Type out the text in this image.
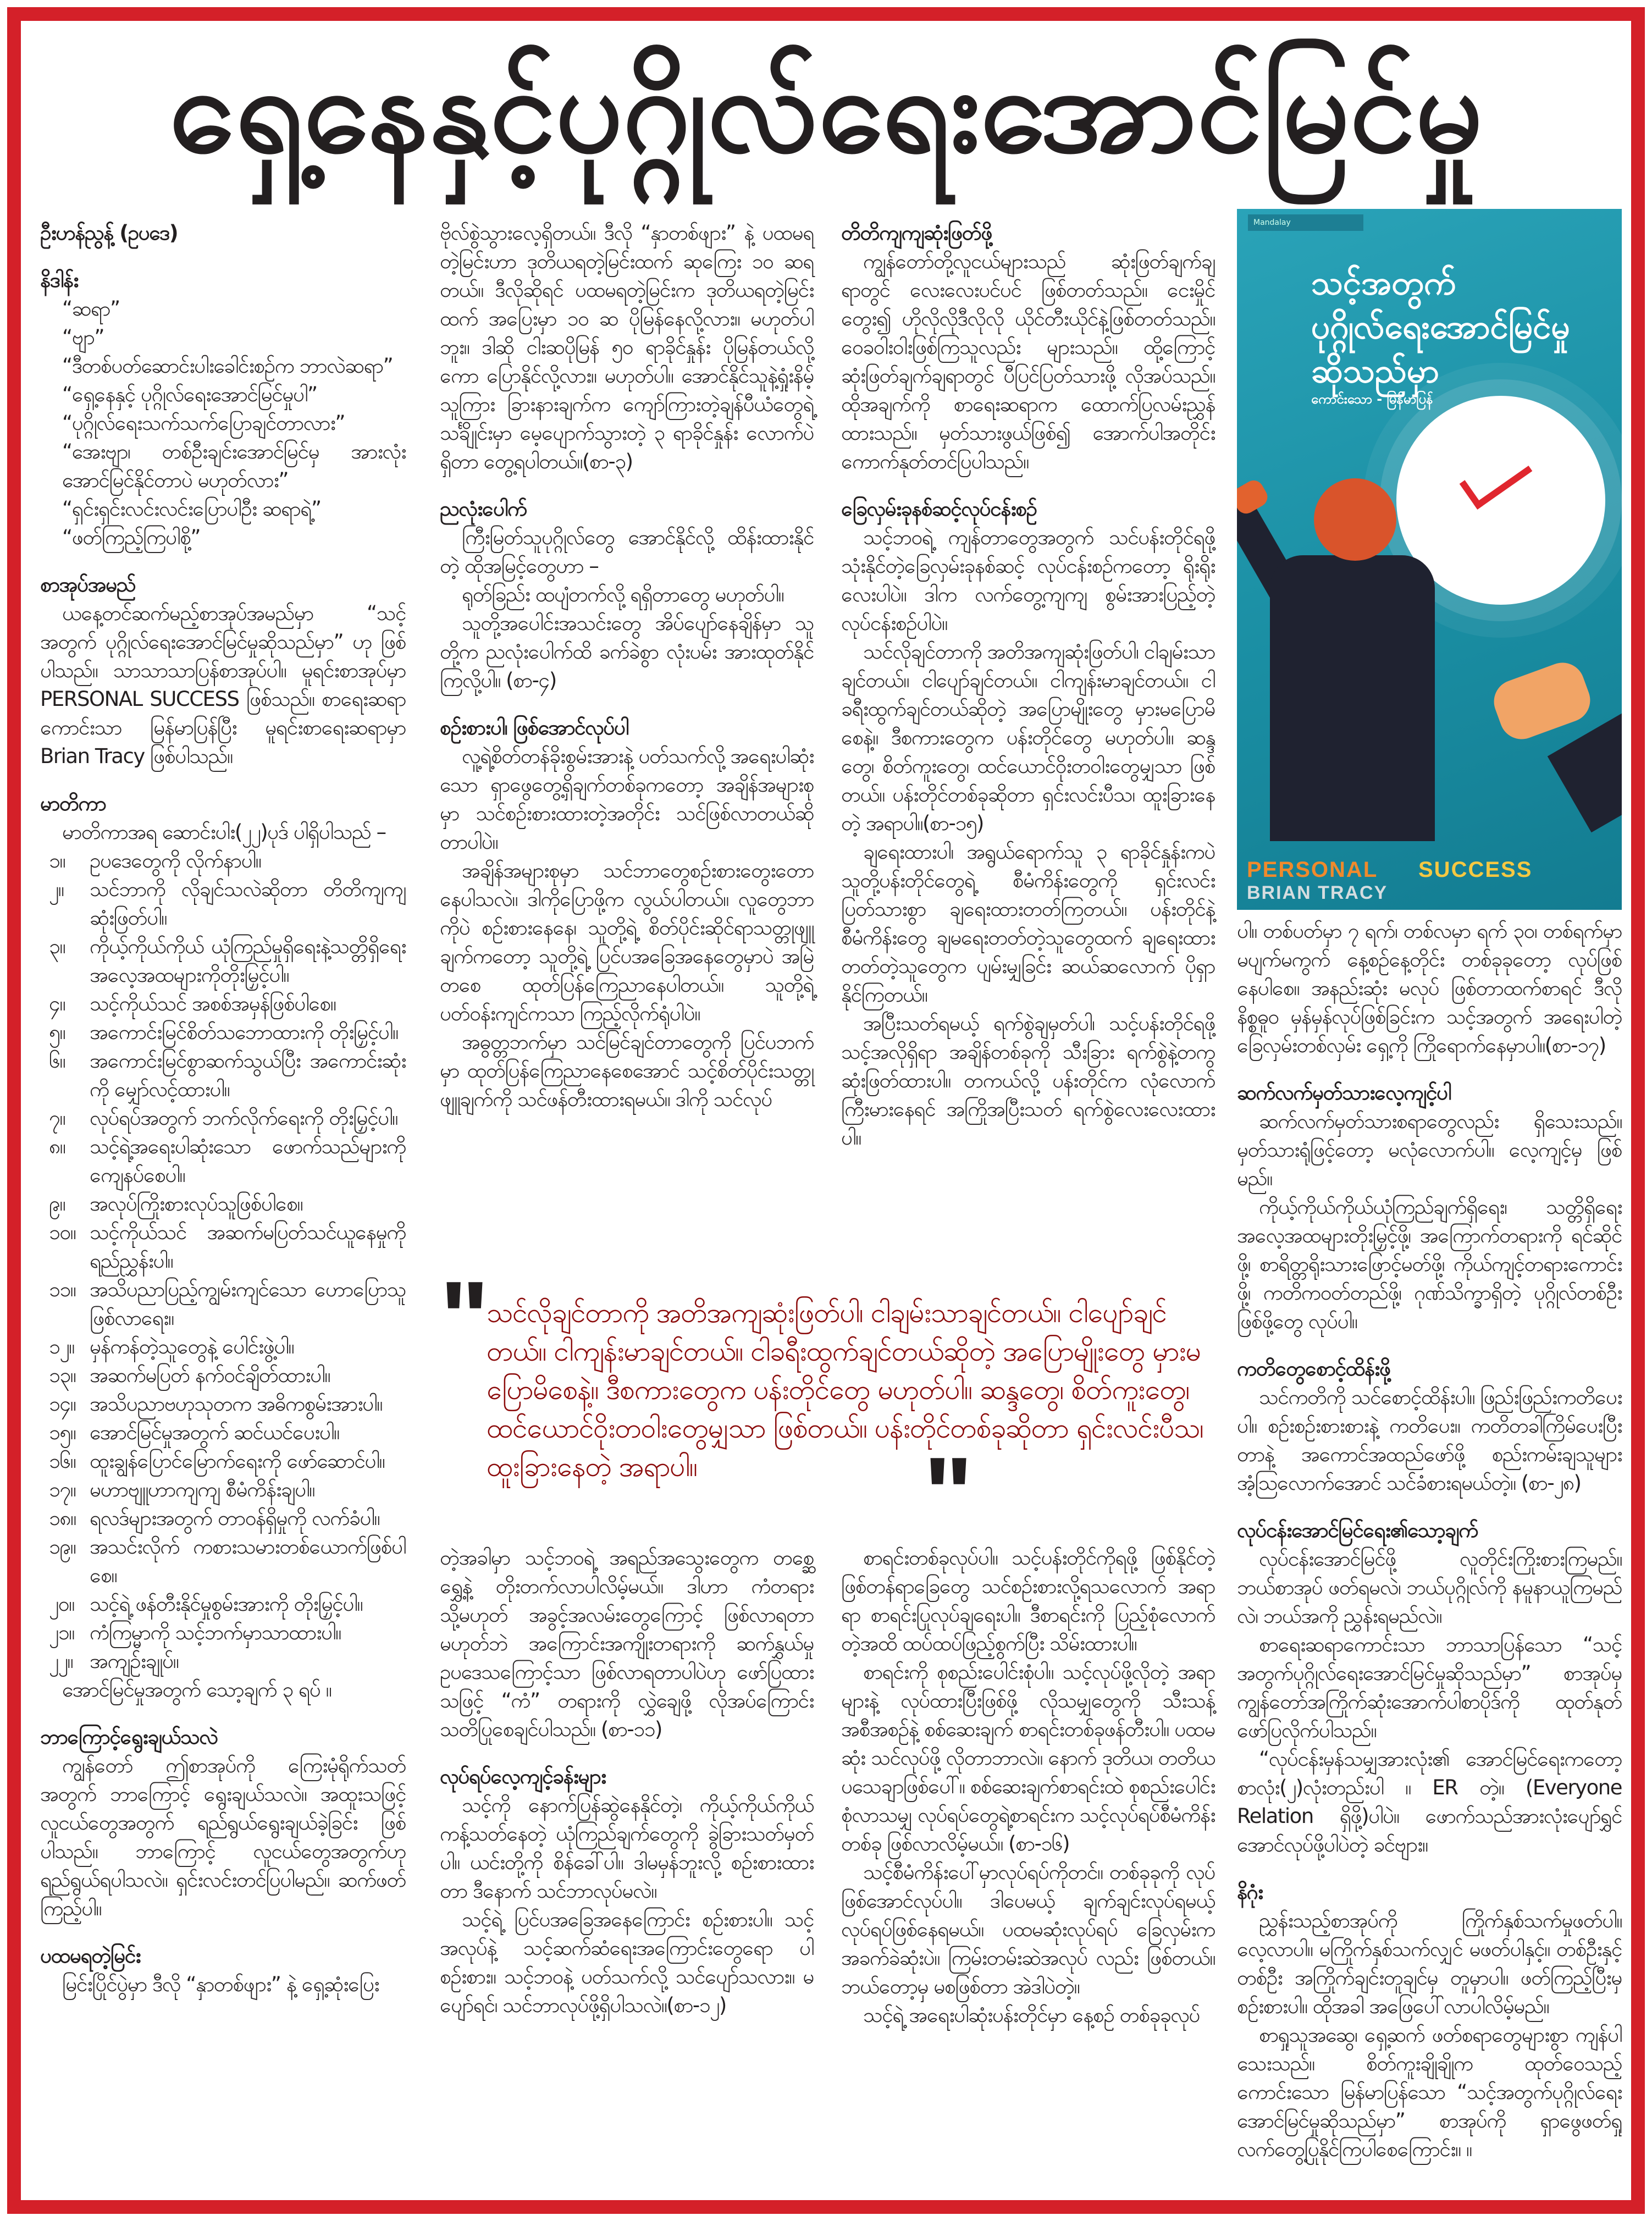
ရှေ့နေနှင့်ပုဂ္ဂိုလ်ရေးအောင်မြင်မှု

ဦးဟန်ညွန့် (ဥပဒေ)

နိဒါန်း

“ဆရာ”

“ဗျာ”

“ဒီတစ်ပတ်ဆောင်းပါးခေါင်းစဉ်က ဘာလဲဆရာ”

“ရှေ့နေနှင့် ပုဂ္ဂိုလ်ရေးအောင်မြင်မှုပါ”

“ပုဂ္ဂိုလ်ရေးသက်သက်ပြောချင်တာလား”

“အေးဗျာ၊ တစ်ဦးချင်းအောင်မြင်မှ အားလုံး အောင်မြင်နိုင်တာပဲ မဟုတ်လား”

“ရှင်းရှင်းလင်းလင်းပြောပါဦး ဆရာရဲ့”

“ဖတ်ကြည့်ကြပါစို့”

စာအုပ်အမည်

ယနေ့တင်ဆက်မည့်စာအုပ်အမည်မှာ “သင့်အတွက် ပုဂ္ဂိုလ်ရေးအောင်မြင်မှုဆိုသည်မှာ” ဟု ဖြစ်ပါသည်။ သာသာသာပြန်စာအုပ်ပါ။ မူရင်းစာအုပ်မှာ PERSONAL SUCCESS ဖြစ်သည်။ စာရေးဆရာကောင်းသာ မြန်မာပြန်ပြီး မူရင်းစာရေးဆရာမှာ Brian Tracy ဖြစ်ပါသည်။

မာတိကာ

မာတိကာအရ ဆောင်းပါး(၂၂)ပုဒ် ပါရှိပါသည် –

၁။ ဥပဒေတွေကို လိုက်နာပါ။

၂။ သင်ဘာကို လိုချင်သလဲဆိုတာ တိတိကျကျ ဆုံးဖြတ်ပါ။

၃။ ကိုယ့်ကိုယ်ကိုယ် ယုံကြည်မှုရှိရေးနဲ့သတ္တိရှိရေး အလေ့အထများကိုတိုးမြှင့်ပါ။

၄။ သင့်ကိုယ်သင် အစစ်အမှန်ဖြစ်ပါစေ။

၅။ အကောင်းမြင်စိတ်သဘောထားကို တိုးမြှင့်ပါ။

၆။ အကောင်းမြင်စွာဆက်သွယ်ပြီး အကောင်းဆုံးကို မျှော်လင့်ထားပါ။

၇။ လုပ်ရပ်အတွက် ဘက်လိုက်ရေးကို တိုးမြှင့်ပါ။

၈။ သင့်ရဲ့အရေးပါဆုံးသော ဖောက်သည်များကို ကျေနပ်စေပါ။

၉။ အလုပ်ကြိုးစားလုပ်သူဖြစ်ပါစေ။

၁၀။ သင့်ကိုယ်သင် အဆက်မပြတ်သင်ယူနေမှုကို ရည်ညွှန်းပါ။

၁၁။ အသိပညာပြည့်ကျွမ်းကျင်သော ဟောပြောသူဖြစ်လာရေး။

၁၂။ မှန်ကန်တဲ့သူတွေနဲ့ ပေါင်းဖွဲ့ပါ။

၁၃။ အဆက်မပြတ် နက်ဝင်ချိတ်ထားပါ။

၁၄။ အသိပညာဗဟုသုတက အဓိကစွမ်းအားပါ။

၁၅။ အောင်မြင်မှုအတွက် ဆင်ယင်ပေးပါ။

၁၆။ ထူးချွန်ပြောင်မြောက်ရေးကို ဖော်ဆောင်ပါ။

၁၇။ မဟာဗျူဟာကျကျ စီမံကိန်းချပါ။

၁၈။ ရလဒ်များအတွက် တာဝန်ရှိမှုကို လက်ခံပါ။

၁၉။ အသင်းလိုက် ကစားသမားတစ်ယောက်ဖြစ်ပါစေ။

၂၀။ သင့်ရဲ့ ဖန်တီးနိုင်မှုစွမ်းအားကို တိုးမြှင့်ပါ။

၂၁။ ကံကြမ္မာကို သင့်ဘက်မှာသာထားပါ။

၂၂။ အကျဉ်းချုပ်။

အောင်မြင်မှုအတွက် သော့ချက် ၃ ရပ် ။

ဘာကြောင့်ရွေးချယ်သလဲ

ကျွန်တော် ဤစာအုပ်ကို ကြေးမုံရိုက်သတ်အတွက် ဘာကြောင့် ရွေးချယ်သလဲ။ အထူးသဖြင့် လူငယ်တွေအတွက် ရည်ရွယ်ရွေးချယ်ခဲ့ခြင်း ဖြစ်ပါသည်။ ဘာကြောင့် လူငယ်တွေအတွက်ဟု ရည်ရွယ်ရပါသလဲ။ ရှင်းလင်းတင်ပြပါမည်။ ဆက်ဖတ်ကြည့်ပါ။

ပထမရတဲ့မြင်း

မြင်းပြိုင်ပွဲမှာ ဒီလို “နှာတစ်ဖျား” နဲ့ ရှေ့ဆုံးပြေး

ဗိုလ်စွဲသွားလေ့ရှိတယ်။ ဒီလို “နှာတစ်ဖျား” နဲ့ ပထမရတဲ့မြင်းဟာ ဒုတိယရတဲ့မြင်းထက် ဆုကြေး ၁၀ ဆရတယ်။ ဒီလိုဆိုရင် ပထမရတဲ့မြင်းက ဒုတိယရတဲ့မြင်းထက် အပြေးမှာ ၁၀ ဆ ပိုမြန်နေလို့လား။ မဟုတ်ပါဘူး။ ဒါဆို ငါးဆပိုမြန် ၅၀ ရာခိုင်နှုန်း ပိုမြန်တယ်လို့ကော ပြောနိုင်လို့လား။ မဟုတ်ပါ။ အောင်နိုင်သူနဲ့ရှုံးနိမ့်သူကြား ခြားနားချက်က ကျော်ကြားတဲ့ချန်ပီယံတွေရဲ့ သင်္ချိုင်းမှာ မေ့ပျောက်သွားတဲ့ ၃ ရာခိုင်နှုန်း လောက်ပဲရှိတာ တွေ့ရပါတယ်။(စာ-၃)

ညလုံးပေါက်

ကြီးမြတ်သူပုဂ္ဂိုလ်တွေ အောင်နိုင်လို့ ထိန်းထားနိုင်တဲ့ ထိုအမြင့်တွေဟာ –

ရုတ်ခြည်း ထပျံတက်လို့ ရရှိတာတွေ မဟုတ်ပါ။

သူတို့အပေါင်းအသင်းတွေ အိပ်ပျော်နေချိန်မှာ သူတို့က ညလုံးပေါက်ထိ ခက်ခဲစွာ လုံးပမ်း အားထုတ်နိုင်ကြလို့ပါ။ (စာ-၄)

စဉ်းစားပါ၊ ဖြစ်အောင်လုပ်ပါ

လူ့ရဲ့စိတ်တန်ခိုးစွမ်းအားနဲ့ ပတ်သက်လို့ အရေးပါဆုံးသော ရှာဖွေတွေ့ရှိချက်တစ်ခုကတော့ အချိန်အများစုမှာ သင်စဉ်းစားထားတဲ့အတိုင်း သင်ဖြစ်လာတယ်ဆိုတာပါပဲ။

အချိန်အများစုမှာ သင်ဘာတွေစဉ်းစားတွေးတောနေပါသလဲ။ ဒါကိုပြောဖို့က လွယ်ပါတယ်။ လူတွေဘာကိုပဲ စဉ်းစားနေနေ၊ သူတို့ရဲ့ စိတ်ပိုင်းဆိုင်ရာသတ္တုဖျူချက်ကတော့ သူတို့ရဲ့ ပြင်ပအခြေအနေတွေမှာပဲ အမြဲတစေ ထုတ်ပြန်ကြေညာနေပါတယ်။ သူတို့ရဲ့ ပတ်ဝန်းကျင်ကသာ ကြည့်လိုက်ရုံပါပဲ။

အဓွတ္တဘက်မှာ သင်မြင်ချင်တာတွေကို ပြင်ပဘက်မှာ ထုတ်ပြန်ကြေညာနေစေအောင် သင့်စိတ်ပိုင်းသတ္တုဖျူချက်ကို သင်ဖန်တီးထားရမယ်။ ဒါကို သင်လုပ်

တိတိကျကျဆုံးဖြတ်ဖို့

ကျွန်တော်တို့လူငယ်များသည် ဆုံးဖြတ်ချက်ချရာတွင် လေးလေးပင်ပင် ဖြစ်တတ်သည်။ ငေးမှိုင်တွေး၍ ဟိုလိုလိုဒီလိုလို ယိုင်တီးယိုင်နဲ့ဖြစ်တတ်သည်။ ဝေခဝါးဝါးဖြစ်ကြသူလည်း များသည်။ ထို့ကြောင့် ဆုံးဖြတ်ချက်ချရာတွင် ပီပြင်ပြတ်သားဖို့ လိုအပ်သည်။ ထိုအချက်ကို စာရေးဆရာက ထောက်ပြလမ်းညွှန် ထားသည်။ မှတ်သားဖွယ်ဖြစ်၍ အောက်ပါအတိုင်း ကောက်နုတ်တင်ပြပါသည်။

ခြေလှမ်းခုနစ်ဆင့်လုပ်ငန်းစဉ်

သင့်ဘဝရဲ့ ကျန်တာတွေအတွက် သင်ပန်းတိုင်ရဖို့သုံးနိုင်တဲ့ခြေလှမ်းခုနစ်ဆင့် လုပ်ငန်းစဉ်ကတော့ ရိုးရိုးလေးပါပဲ။ ဒါက လက်တွေ့ကျကျ စွမ်းအားပြည့်တဲ့ လုပ်ငန်းစဉ်ပါပဲ။

သင်လိုချင်တာကို အတိအကျဆုံးဖြတ်ပါ၊ ငါချမ်းသာချင်တယ်။ ငါပျော်ချင်တယ်။ ငါကျန်းမာချင်တယ်။ ငါခရီးထွက်ချင်တယ်ဆိုတဲ့ အပြောမျိုးတွေ မှားမပြောမိစေနဲ့။ ဒီစကားတွေက ပန်းတိုင်တွေ မဟုတ်ပါ။ ဆန္ဒတွေ၊ စိတ်ကူးတွေ၊ ထင်ယောင်ဝိုးတဝါးတွေမျှသာ ဖြစ်တယ်။ ပန်းတိုင်တစ်ခုဆိုတာ ရှင်းလင်းပီသ၊ ထူးခြားနေတဲ့ အရာပါ။(စာ-၁၅)

ချရေးထားပါ၊ အရွယ်ရောက်သူ ၃ ရာခိုင်နှုန်းကပဲ သူတို့ပန်းတိုင်တွေရဲ့ စီမံကိန်းတွေကို ရှင်းလင်းပြတ်သားစွာ ချရေးထားတတ်ကြတယ်။ ပန်းတိုင်နဲ့စီမံကိန်းတွေ ချမရေးတတ်တဲ့သူတွေထက် ချရေးထားတတ်တဲ့သူတွေက ပျမ်းမျှခြင်း ဆယ်ဆလောက် ပိုရှာနိုင်ကြတယ်။

အပြီးသတ်ရမယ့် ရက်စွဲချမှတ်ပါ၊ သင့်ပန်းတိုင်ရဖို့ သင့်အလိုရှိရာ အချိန်တစ်ခုကို သီးခြား ရက်စွဲနဲ့တကွ ဆုံးဖြတ်ထားပါ။ တကယ်လို့ ပန်းတိုင်က လုံလောက်ကြီးမားနေရင် အကြိုအပြီးသတ် ရက်စွဲလေးလေးထားပါ။

Mandalay
သင့်အတွက်
ပုဂ္ဂိုလ်ရေးအောင်မြင်မှု
ဆိုသည်မှာ
ကောင်းသော - မြန်မာပြန်
PERSONAL SUCCESS
BRIAN TRACY

ပါ။ တစ်ပတ်မှာ ၇ ရက်၊ တစ်လမှာ ရက် ၃၀၊ တစ်ရက်မှာ မပျက်မကွက် နေ့စဉ်နေ့တိုင်း တစ်ခုခုတော့ လုပ်ဖြစ်နေပါစေ။ အနည်းဆုံး မလုပ် ဖြစ်တာထက်စာရင် ဒီလို နိစ္စဓူဝ မှန်မှန်လုပ်ဖြစ်ခြင်းက သင့်အတွက် အရေးပါတဲ့ ခြေလှမ်းတစ်လှမ်း ရှေ့ကို ကြိုရောက်နေမှာပါ။(စာ-၁၇)

ဆက်လက်မှတ်သားလေ့ကျင့်ပါ

ဆက်လက်မှတ်သားစရာတွေလည်း ရှိသေးသည်။ မှတ်သားရုံဖြင့်တော့ မလုံလောက်ပါ။ လေ့ကျင့်မှ ဖြစ်မည်။

ကိုယ့်ကိုယ်ကိုယ်ယုံကြည်ချက်ရှိရေး၊ သတ္တိရှိရေး အလေ့အထများတိုးမြှင့်ဖို့၊ အကြောက်တရားကို ရင်ဆိုင်ဖို့၊ စာရိတ္တရိုးသားဖြောင့်မတ်ဖို့၊ ကိုယ်ကျင့်တရားကောင်းဖို့၊ ကတိကဝတ်တည်ဖို့၊ ဂုဏ်သိက္ခာရှိတဲ့ ပုဂ္ဂိုလ်တစ်ဦးဖြစ်ဖို့တွေ လုပ်ပါ။

ကတိတွေစောင့်ထိန်းဖို့

သင်ကတိကို သင်စောင့်ထိန်းပါ။ ဖြည်းဖြည်းကတိပေးပါ။ စဉ်းစဉ်းစားစားနဲ့ ကတိပေး။ ကတိတခါကြိမ်ပေးပြီးတာနဲ့ အကောင်အထည်ဖော်ဖို့ စည်းကမ်းချသူများ အံ့ဩလောက်အောင် သင်ခံစားရမယ်တဲ့။ (စာ-၂၈)

လုပ်ငန်းအောင်မြင်ရေး၏သော့ချက်

လုပ်ငန်းအောင်မြင်ဖို့ လူတိုင်းကြိုးစားကြမည်။ ဘယ်စာအုပ် ဖတ်ရမလဲ၊ ဘယ်ပုဂ္ဂိုလ်ကို နမူနာယူကြမည်လဲ၊ ဘယ်အကို ညွှန်းရမည်လဲ။

စာရေးဆရာကောင်းသာ ဘာသာပြန်သော “သင့်အတွက်ပုဂ္ဂိုလ်ရေးအောင်မြင်မှုဆိုသည်မှာ” စာအုပ်မှ ကျွန်တော်အကြိုက်ဆုံးအောက်ပါစာပိုဒ်ကို ထုတ်နုတ်ဖော်ပြလိုက်ပါသည်။

“လုပ်ငန်းမှန်သမျှအားလုံး၏ အောင်မြင်ရေးကတော့ စာလုံး(၂)လုံးတည်းပါ ။ ER တဲ့။ (Everyone Relation ရှိဖို့)ပါပဲ။ ဖောက်သည်အားလုံးပျော်ရွှင်အောင်လုပ်ဖို့ပါပဲတဲ့ ခင်ဗျား။

နိဂုံး

ညွှန်းသည့်စာအုပ်ကို ကြိုက်နှစ်သက်မှုဖတ်ပါ။ လေ့လာပါ။ မကြိုက်နှစ်သက်လျှင် မဖတ်ပါနှင့်။ တစ်ဦးနှင့်တစ်ဦး အကြိုက်ချင်းတူချင်မှ တူမှာပါ။ ဖတ်ကြည့်ပြီးမှ စဉ်းစားပါ။ ထိုအခါ အဖြေပေါ်လာပါလိမ့်မည်။

စာရှုသူအဆွေ၊ ရှေ့ဆက် ဖတ်စရာတွေများစွာ ကျန်ပါသေးသည်။ စိတ်ကူးချိုချိုက ထုတ်ဝေသည့် ကောင်းသော မြန်မာပြန်သော “သင့်အတွက်ပုဂ္ဂိုလ်ရေးအောင်မြင်မှုဆိုသည်မှာ” စာအုပ်ကို ရှာဖွေဖတ်ရှုလက်တွေ့ပြုနိုင်ကြပါစေကြောင်း။ ။

"
သင်လိုချင်တာကို အတိအကျဆုံးဖြတ်ပါ၊ ငါချမ်းသာချင်တယ်။ ငါပျော်ချင်တယ်။ ငါကျန်းမာချင်တယ်။ ငါခရီးထွက်ချင်တယ်ဆိုတဲ့ အပြောမျိုးတွေ မှားမပြောမိစေနဲ့။ ဒီစကားတွေက ပန်းတိုင်တွေ မဟုတ်ပါ။ ဆန္ဒတွေ၊ စိတ်ကူးတွေ၊ ထင်ယောင်ဝိုးတဝါးတွေမျှသာ ဖြစ်တယ်။ ပန်းတိုင်တစ်ခုဆိုတာ ရှင်းလင်းပီသ၊ ထူးခြားနေတဲ့ အရာပါ။	"

တဲ့အခါမှာ သင့်ဘဝရဲ့ အရည်အသွေးတွေက တစ္ဆေ ရွှေ့နဲ့ တိုးတက်လာပါလိမ့်မယ်။ ဒါဟာ ကံတရား သို့မဟုတ် အခွင့်အလမ်းတွေကြောင့် ဖြစ်လာရတာ မဟုတ်ဘဲ အကြောင်းအကျိုးတရားကို ဆက်နွှယ်မှု ဥပဒေသကြောင့်သာ ဖြစ်လာရတာပါပဲဟု ဖော်ပြထားသဖြင့် “ကံ” တရားကို လွှဲချေဖို့ လိုအပ်ကြောင်း သတိပြုစေချင်ပါသည်။ (စာ-၁၁)

လုပ်ရပ်လေ့ကျင့်ခန်းများ

သင့်ကို နောက်ပြန်ဆွဲနေနိုင်တဲ့၊ ကိုယ့်ကိုယ်ကိုယ်ကန့်သတ်နေတဲ့ ယုံကြည်ချက်တွေကို ခွဲခြားသတ်မှတ်ပါ။ ယင်းတို့ကို စိန်ခေါ်ပါ။ ဒါမမှန်ဘူးလို့ စဉ်းစားထားတာ ဒီနောက် သင်ဘာလုပ်မလဲ။

သင့်ရဲ့ ပြင်ပအခြေအနေကြောင်း စဉ်းစားပါ။ သင့်အလုပ်နဲ့ သင့်ဆက်ဆံရေးအကြောင်းတွေရော ပါ စဉ်းစား။ သင့်ဘဝနဲ့ ပတ်သက်လို့ သင်ပျော်သလား။ မပျော်ရင်၊ သင်ဘာလုပ်ဖို့ရှိပါသလဲ။(စာ-၁၂)

စာရင်းတစ်ခုလုပ်ပါ။ သင့်ပန်းတိုင်ကိုရဖို့ ဖြစ်နိုင်တဲ့ ဖြစ်တန်ရာခြေတွေ သင်စဉ်းစားလို့ရသလောက် အရာရာ စာရင်းပြုလုပ်ချရေးပါ။ ဒီစာရင်းကို ပြည့်စုံလောက်တဲ့အထိ ထပ်ထပ်ဖြည့်စွက်ပြီး သိမ်းထားပါ။

စာရင်းကို စုစည်းပေါင်းစုံပါ။ သင့်လုပ်ဖို့လိုတဲ့ အရာများနဲ့ လုပ်ထားပြီးဖြစ်ဖို့ လိုသမျှတွေကို သီးသန့် အစီအစဉ်နဲ့ စစ်ဆေးချက် စာရင်းတစ်ခုဖန်တီးပါ။ ပထမဆုံး သင်လုပ်ဖို့ လိုတာဘာလဲ။ နောက် ဒုတိယ၊ တတိယ ပသေချာဖြစ်ပေါ်။ စစ်ဆေးချက်စာရင်းထဲ စုစည်းပေါင်းစုံလာသမျှ လုပ်ရပ်တွေရဲ့စာရင်းက သင့်လုပ်ရပ်စီမံကိန်း တစ်ခု ဖြစ်လာလိမ့်မယ်။ (စာ-၁၆)

သင့်စီမံကိန်းပေါ်မှာလုပ်ရပ်ကိုတင်။ တစ်ခုခုကို လုပ်ဖြစ်အောင်လုပ်ပါ။ ဒါပေမယ့် ချက်ချင်းလုပ်ရမယ့် လုပ်ရပ်ဖြစ်နေရမယ်။ ပထမဆုံးလုပ်ရပ် ခြေလှမ်းက အခက်ခဲဆုံးပဲ။ ကြမ်းတမ်းဆဲအလုပ် လည်း ဖြစ်တယ်။ ဘယ်တော့မှ မစဖြစ်တာ အဲဒါပဲတဲ့။

သင့်ရဲ့ အရေးပါဆုံးပန်းတိုင်မှာ နေ့စဉ် တစ်ခုခုလုပ်
